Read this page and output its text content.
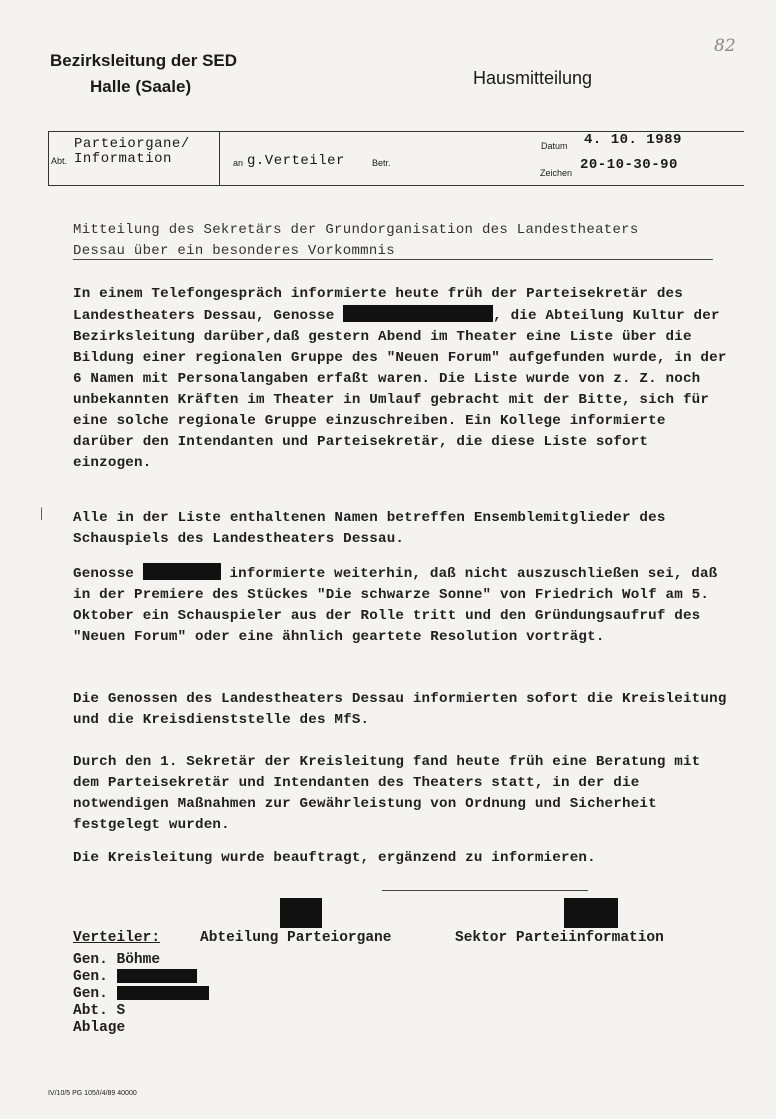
Bezirksleitung der SED
Halle (Saale)	Hausmitteilung
82
Parteiorgane/
Abt. Information	an g.Verteiler	Betr.
Datum 4. 10. 1989
Zeichen 20-10-30-90
Mitteilung des Sekretärs der Grundorganisation des Landestheaters
Dessau über ein besonderes Vorkommnis
In einem Telefongespräch informierte heute früh der Parteisekretär des Landestheaters Dessau, Genosse	, die Abteilung Kultur der Bezirksleitung darüber,daß gestern Abend im Theater eine Liste über die Bildung einer regionalen Gruppe des "Neuen Forum" aufgefunden wurde, in der 6 Namen mit Personalangaben erfaßt waren. Die Liste wurde von z. Z. noch unbekannten Kräften im Theater in Umlauf gebracht mit der Bitte, sich für eine solche regionale Gruppe einzuschreiben. Ein Kollege informierte darüber den Intendanten und Parteisekretär, die diese Liste sofort einzogen.
| Alle in der Liste enthaltenen Namen betreffen Ensemblemitglieder des Schauspiels des Landestheaters Dessau.
Genosse	informierte weiterhin, daß nicht auszuschließen sei, daß in der Premiere des Stückes "Die schwarze Sonne" von Friedrich Wolf am 5. Oktober ein Schauspieler aus der Rolle tritt und den Gründungsaufruf des "Neuen Forum" oder eine ähnlich geartete Resolution vorträgt.
Die Genossen des Landestheaters Dessau informierten sofort die Kreisleitung und die Kreisdienststelle des MfS.
Durch den 1. Sekretär der Kreisleitung fand heute früh eine Beratung mit dem Parteisekretär und Intendanten des Theaters statt, in der die notwendigen Maßnahmen zur Gewährleistung von Ordnung und Sicherheit festgelegt wurden.
Die Kreisleitung wurde beauftragt, ergänzend zu informieren.
Verteiler:	Abteilung Parteiorgane	Sektor Parteiinformation
Gen. Böhme
Gen.
Gen.
Abt. S
Ablage
IV/10/5 PG 105/I/4/89 40000
